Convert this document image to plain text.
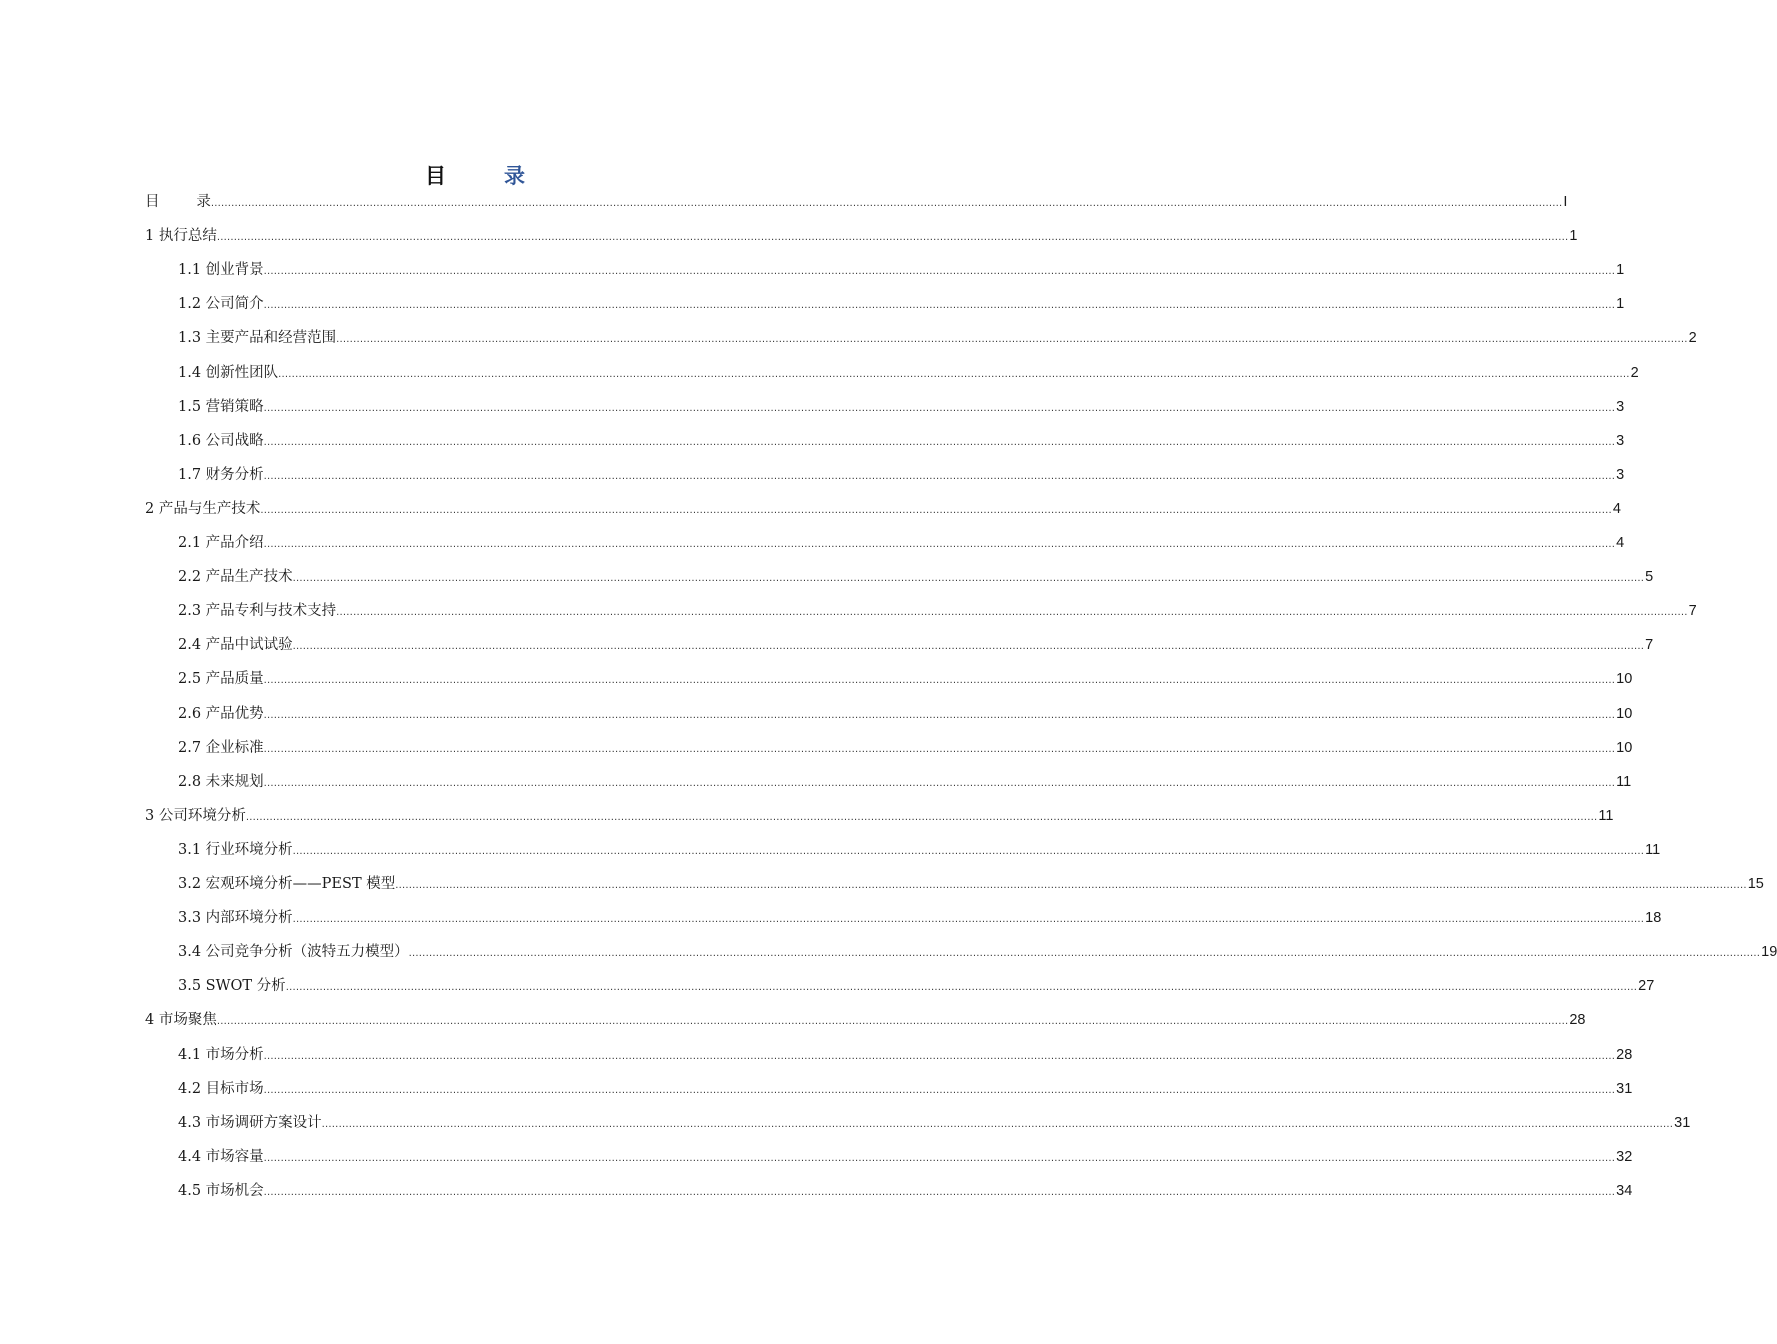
目	录
目        录 ................................................................................................................................................................................................................................................................................................................................................................................................................ I
1 执行总结 ................................................................................................................................................................................................................................................................................................................................................................................................................ 1
1.1 创业背景 ................................................................................................................................................................................................................................................................................................................................................................................................................ 1
1.2 公司简介 ................................................................................................................................................................................................................................................................................................................................................................................................................ 1
1.3 主要产品和经营范围 ................................................................................................................................................................................................................................................................................................................................................................................................................ 2
1.4 创新性团队 ................................................................................................................................................................................................................................................................................................................................................................................................................ 2
1.5 营销策略 ................................................................................................................................................................................................................................................................................................................................................................................................................ 3
1.6 公司战略 ................................................................................................................................................................................................................................................................................................................................................................................................................ 3
1.7 财务分析 ................................................................................................................................................................................................................................................................................................................................................................................................................ 3
2 产品与生产技术 ................................................................................................................................................................................................................................................................................................................................................................................................................ 4
2.1 产品介绍 ................................................................................................................................................................................................................................................................................................................................................................................................................ 4
2.2 产品生产技术 ................................................................................................................................................................................................................................................................................................................................................................................................................ 5
2.3 产品专利与技术支持 ................................................................................................................................................................................................................................................................................................................................................................................................................ 7
2.4 产品中试试验 ................................................................................................................................................................................................................................................................................................................................................................................................................ 7
2.5 产品质量 ................................................................................................................................................................................................................................................................................................................................................................................................................ 10
2.6 产品优势 ................................................................................................................................................................................................................................................................................................................................................................................................................ 10
2.7 企业标准 ................................................................................................................................................................................................................................................................................................................................................................................................................ 10
2.8 未来规划 ................................................................................................................................................................................................................................................................................................................................................................................................................ 11
3 公司环境分析 ................................................................................................................................................................................................................................................................................................................................................................................................................ 11
3.1 行业环境分析 ................................................................................................................................................................................................................................................................................................................................................................................................................ 11
3.2 宏观环境分析——PEST 模型 ................................................................................................................................................................................................................................................................................................................................................................................................................ 15
3.3 内部环境分析 ................................................................................................................................................................................................................................................................................................................................................................................................................ 18
3.4 公司竞争分析（波特五力模型） ................................................................................................................................................................................................................................................................................................................................................................................................................ 19
3.5 SWOT 分析 ................................................................................................................................................................................................................................................................................................................................................................................................................ 27
4 市场聚焦 ................................................................................................................................................................................................................................................................................................................................................................................................................ 28
4.1 市场分析 ................................................................................................................................................................................................................................................................................................................................................................................................................ 28
4.2 目标市场 ................................................................................................................................................................................................................................................................................................................................................................................................................ 31
4.3 市场调研方案设计 ................................................................................................................................................................................................................................................................................................................................................................................................................ 31
4.4 市场容量 ................................................................................................................................................................................................................................................................................................................................................................................................................ 32
4.5 市场机会 ................................................................................................................................................................................................................................................................................................................................................................................................................ 34
